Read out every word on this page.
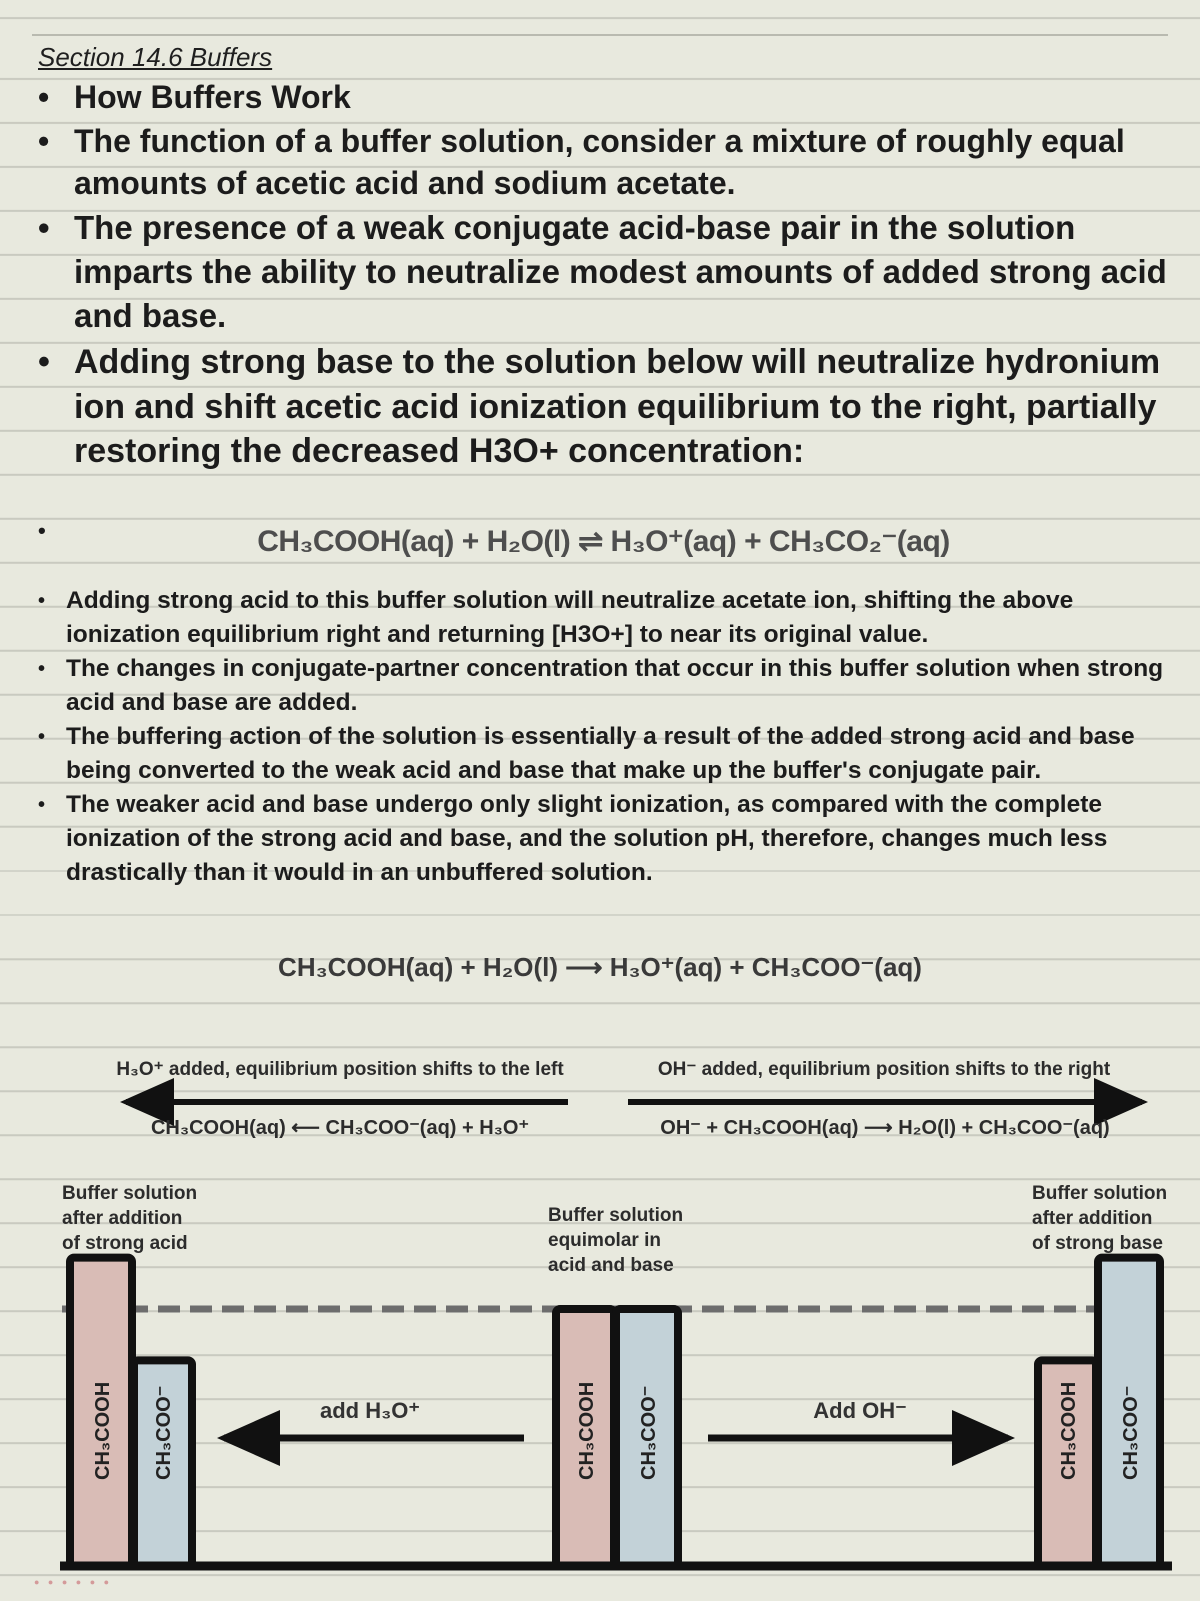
Section 14.6 Buffers
• How Buffers Work
• The function of a buffer solution, consider a mixture of roughly equal amounts of acetic acid and sodium acetate.
• The presence of a weak conjugate acid-base pair in the solution imparts the ability to neutralize modest amounts of added strong acid and base.
• Adding strong base to the solution below will neutralize hydronium ion and shift acetic acid ionization equilibrium to the right, partially restoring the decreased H3O+ concentration:
•	CH₃COOH(aq) + H₂O(l) ⇌ H₃O⁺(aq) + CH₃CO₂⁻(aq)
• Adding strong acid to this buffer solution will neutralize acetate ion, shifting the above ionization equilibrium right and returning [H3O+] to near its original value.
• The changes in conjugate-partner concentration that occur in this buffer solution when strong acid and base are added.
• The buffering action of the solution is essentially a result of the added strong acid and base being converted to the weak acid and base that make up the buffer's conjugate pair.
• The weaker acid and base undergo only slight ionization, as compared with the complete ionization of the strong acid and base, and the solution pH, therefore, changes much less drastically than it would in an unbuffered solution.
CH₃COOH(aq) + H₂O(l) ⟶ H₃O⁺(aq) + CH₃COO⁻(aq)
H₃O⁺ added, equilibrium position shifts to the left
CH₃COOH(aq) ⟵ CH₃COO⁻(aq) + H₃O⁺
OH⁻ added, equilibrium position shifts to the right
OH⁻ + CH₃COOH(aq) ⟶ H₂O(l) + CH₃COO⁻(aq)
Buffer solution after addition of strong acid
Buffer solution equimolar in acid and base
Buffer solution after addition of strong base
CH₃COOH CH₃COO⁻	CH₃COOH CH₃COO⁻	CH₃COOH CH₃COO⁻
add H₃O⁺	Add OH⁻
● ● ● ● ● ●
